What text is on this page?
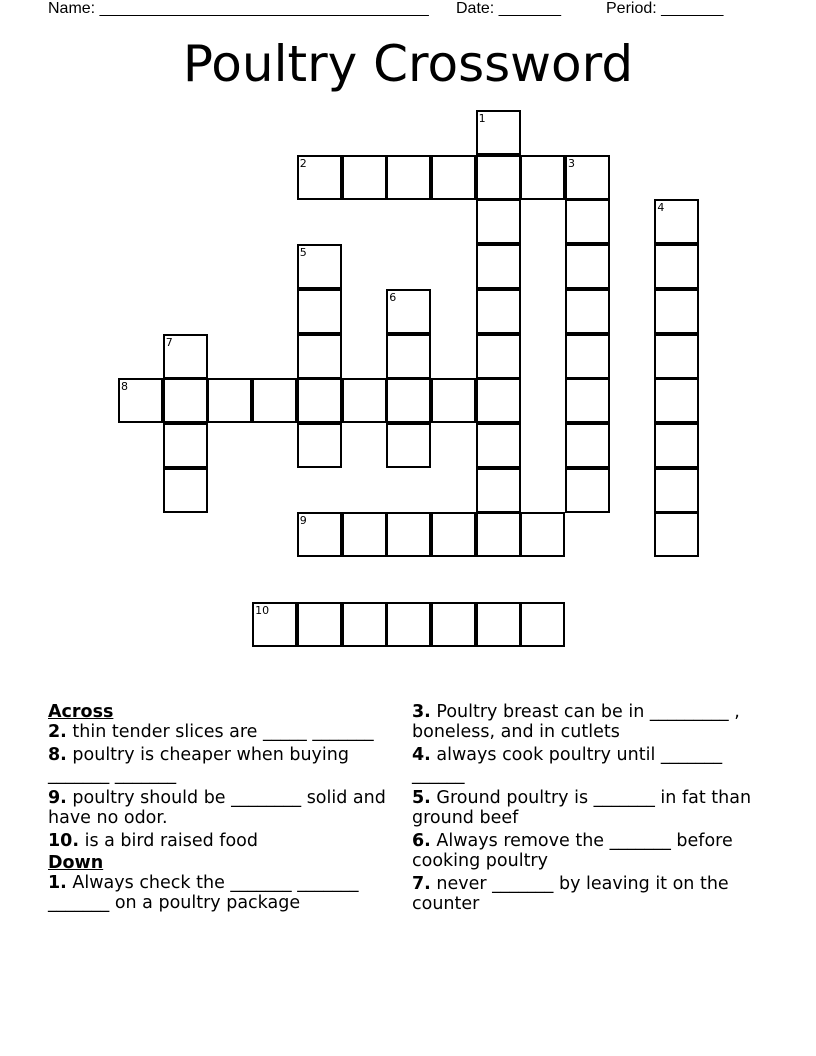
Name: _____________________________________

Date: _______

	Period: _______

Poultry Crossword
1
2	3
4
5
6
7
8
9
10
Across
2. thin tender slices are _____ _______
8. poultry is cheaper when buying _______ _______
9. poultry should be ________ solid and have no odor.
10. is a bird raised food
Down
1. Always check the _______ _______ _______ on a poultry package
3. Poultry breast can be in _________ , boneless, and in cutlets
4. always cook poultry until _______ ______
5. Ground poultry is _______ in fat than ground beef
6. Always remove the _______ before cooking poultry
7. never _______ by leaving it on the counter
